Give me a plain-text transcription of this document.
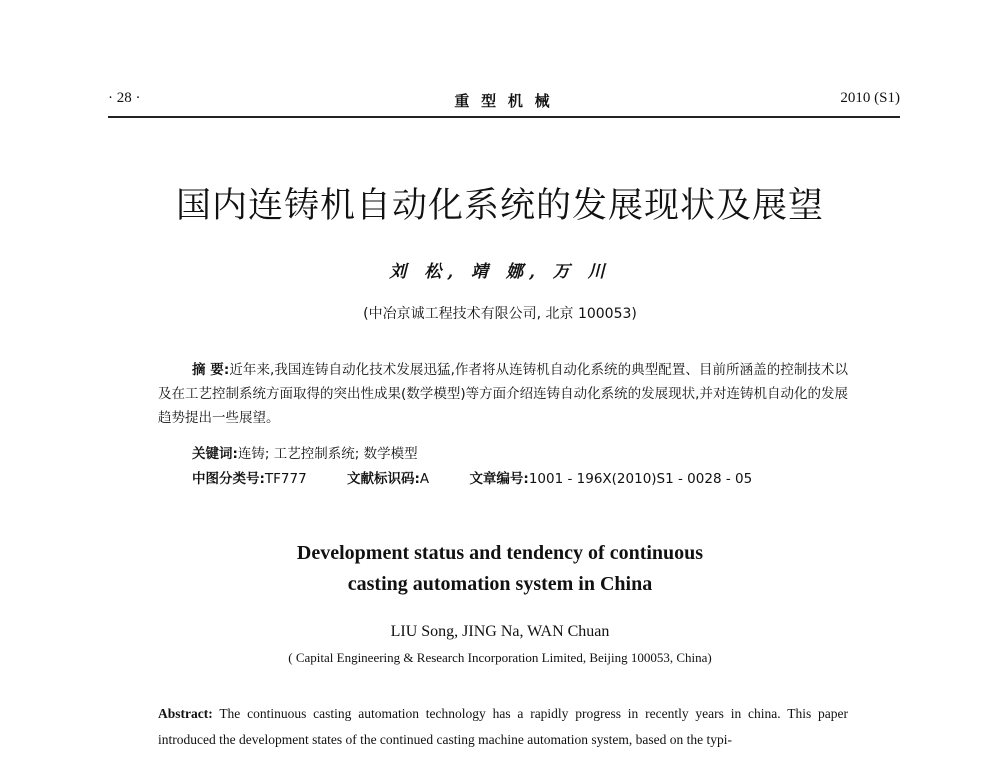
· 28 ·	重 型 机 械	2010 (S1)
国内连铸机自动化系统的发展现状及展望
刘 松, 靖 娜, 万 川
(中冶京诚工程技术有限公司, 北京 100053)
摘 要:近年来,我国连铸自动化技术发展迅猛,作者将从连铸机自动化系统的典型配置、目前所涵盖的控制技术以及在工艺控制系统方面取得的突出性成果(数学模型)等方面介绍连铸自动化系统的发展现状,并对连铸机自动化的发展趋势提出一些展望。
关键词:连铸; 工艺控制系统; 数学模型
中图分类号:TF777	文献标识码:A	文章编号:1001 - 196X(2010)S1 - 0028 - 05
Development status and tendency of continuous
casting automation system in China
LIU Song, JING Na, WAN Chuan
( Capital Engineering & Research Incorporation Limited, Beijing 100053, China)
Abstract: The continuous casting automation technology has a rapidly progress in recently years in china. This paper introduced the development states of the continued casting machine automation system, based on the typi-
